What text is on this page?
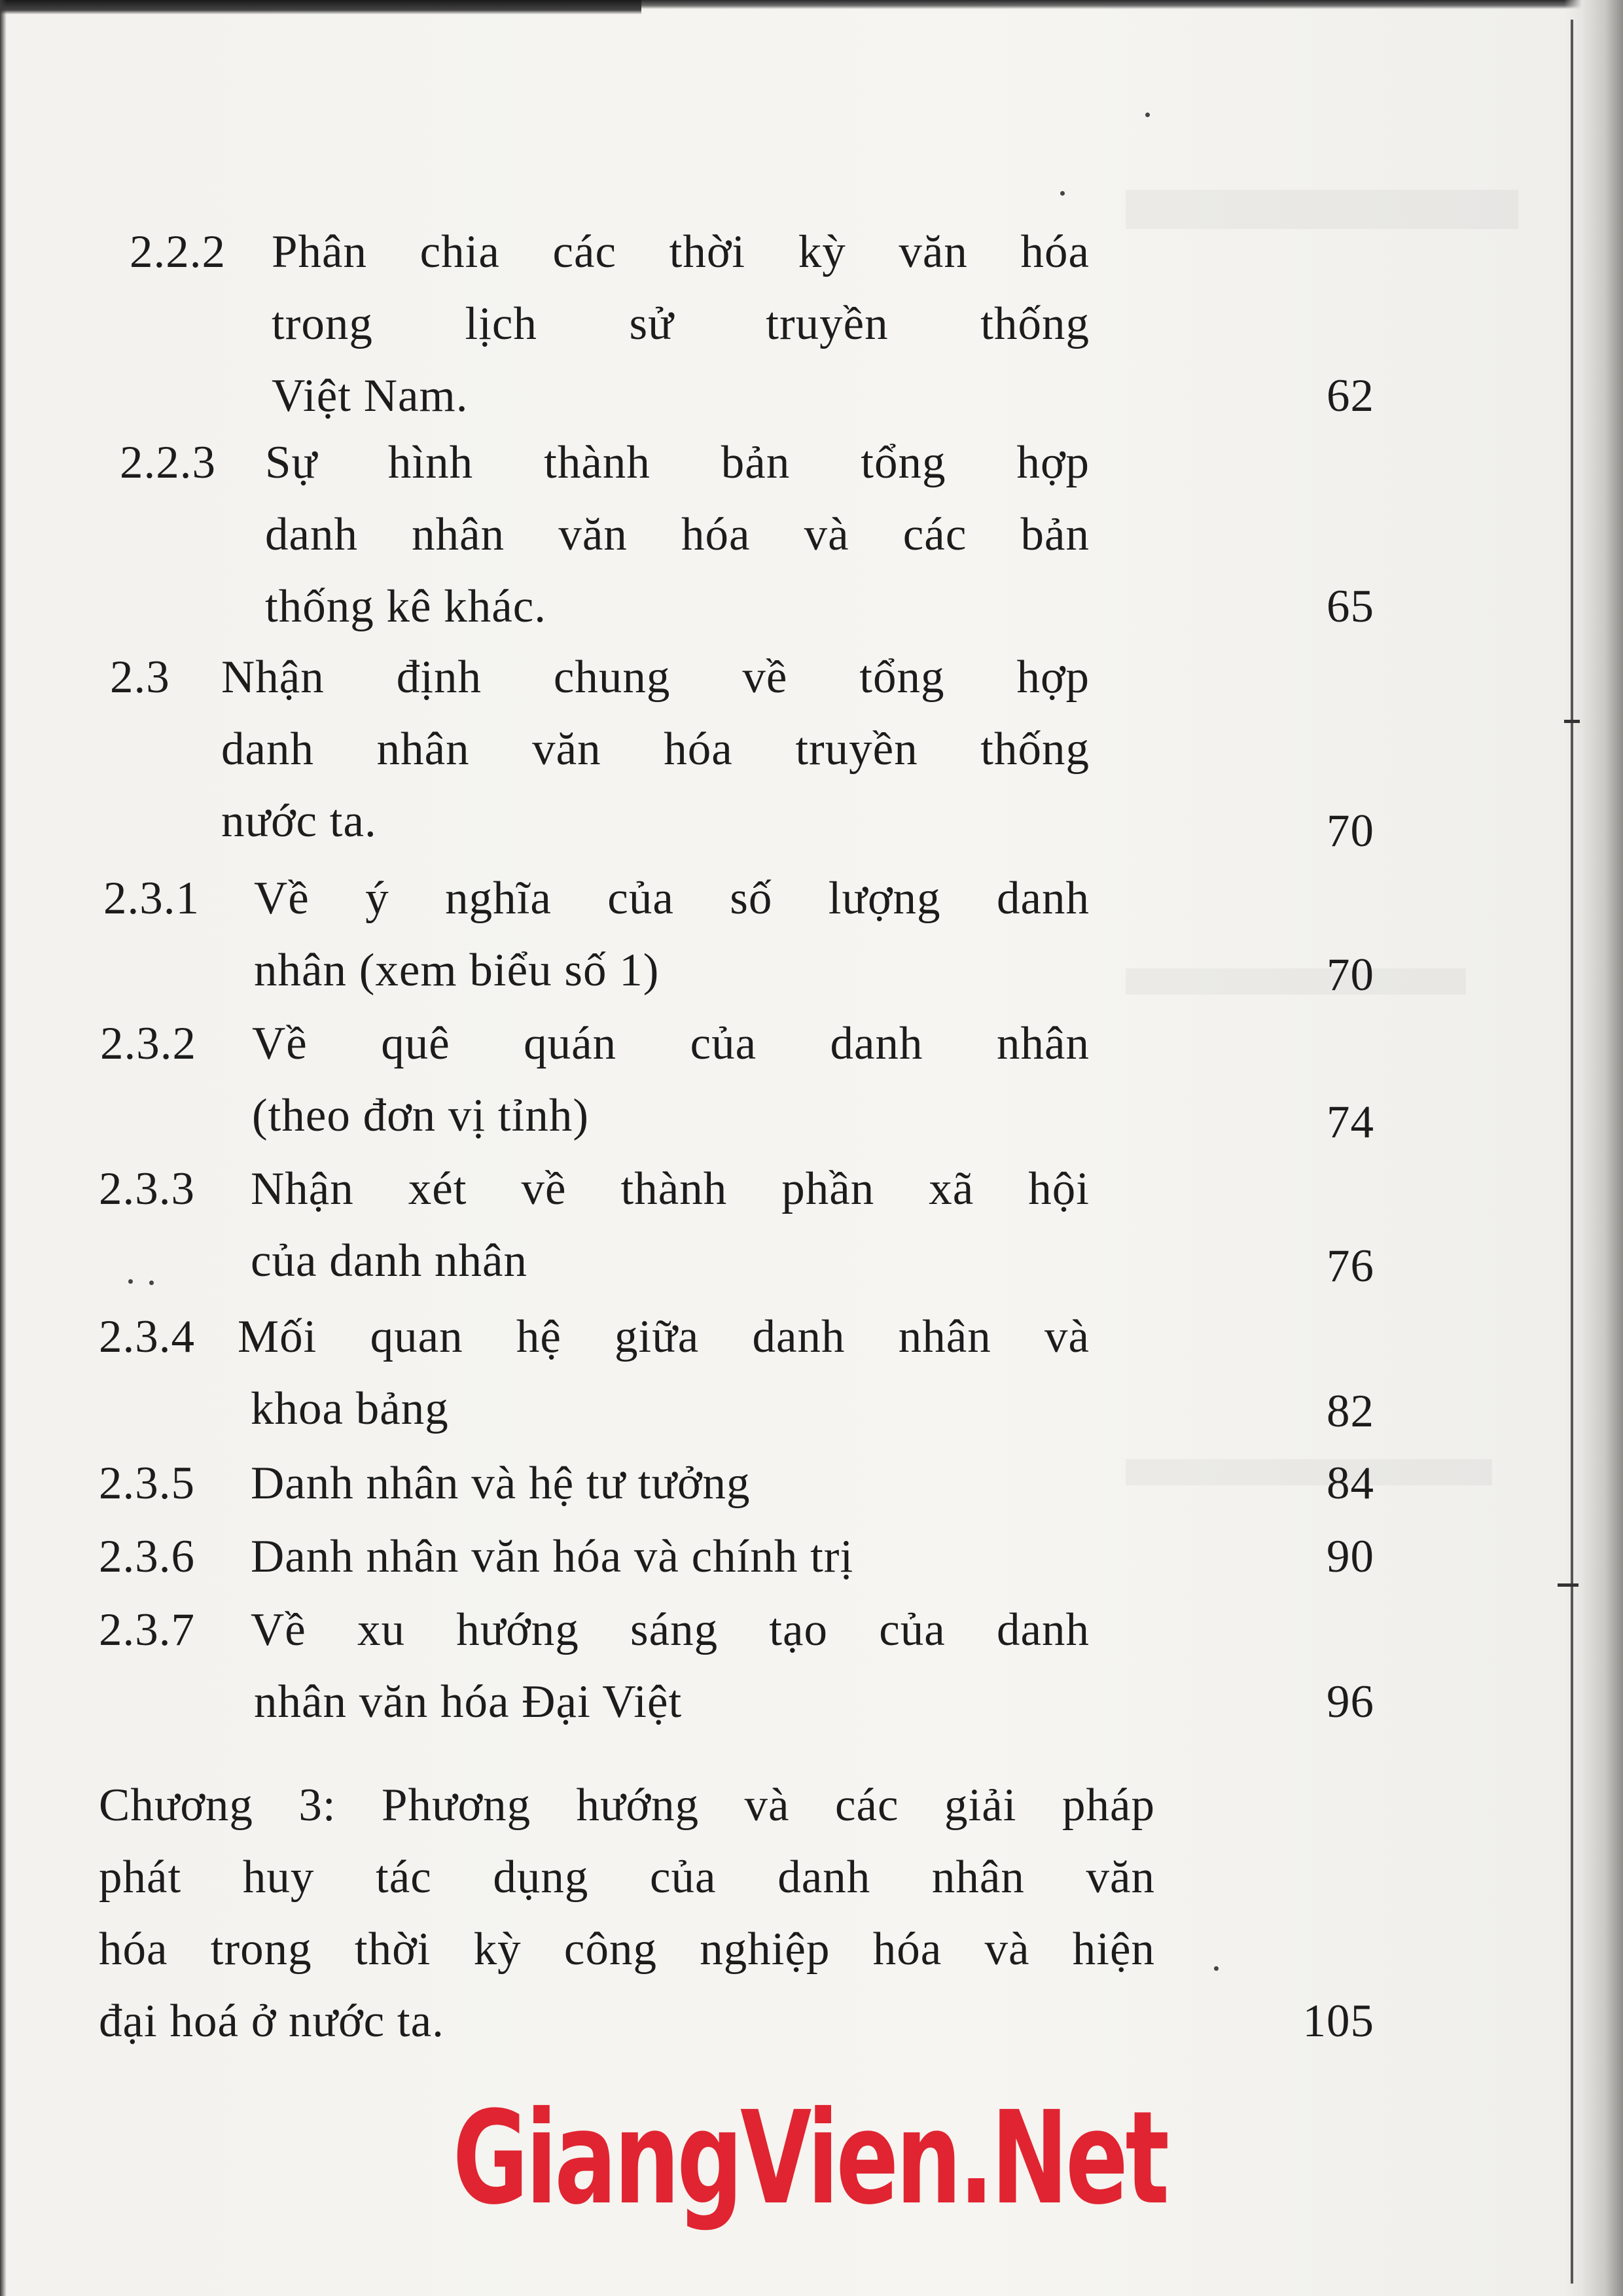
2.2.2 Phân chia các thời kỳ văn hóa
trong lịch sử truyền thống
Việt Nam.	62
2.2.3 Sự hình thành bản tổng hợp
danh nhân văn hóa và các bản
thống kê khác.	65
2.3 Nhận định chung về tổng hợp
danh nhân văn hóa truyền thống
nước ta.	70
2.3.1 Về ý nghĩa của số lượng danh
nhân (xem biểu số 1)	70
2.3.2 Về quê quán của danh nhân
(theo đơn vị tỉnh)	74
2.3.3 Nhận xét về thành phần xã hội
của danh nhân	76
2.3.4 Mối quan hệ giữa danh nhân và
khoa bảng	82
2.3.5 Danh nhân và hệ tư tưởng	84
2.3.6 Danh nhân văn hóa và chính trị	90
2.3.7 Về xu hướng sáng tạo của danh
nhân văn hóa Đại Việt	96
Chương 3: Phương hướng và các giải pháp
phát huy tác dụng của danh nhân văn
hóa trong thời kỳ công nghiệp hóa và hiện
đại hoá ở nước ta.	105
GiangVien.Net
